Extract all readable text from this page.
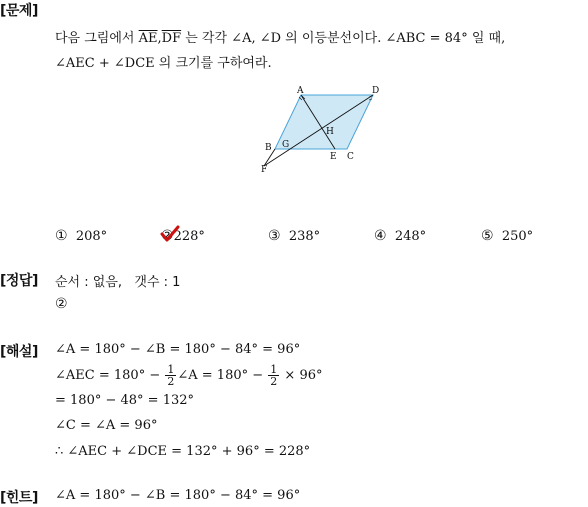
[문제]
다음 그림에서 $\overline{AE},\overline{DF}$ 는 각각 ∠A, ∠D 의 이등분선이다. ∠ABC = 84° 일 때,
∠AEC + ∠DCE 의 크기를 구하여라.
A	D
B G
H
F
E C
① 208°	②
228°	③ 238°	④ 248°	⑤ 250°
[정답] 순서 : 없음, 갯수 : 1
②
[해설] ∠A = 180° − ∠B = 180° − 84° = 96°
∠AEC = $180^\circ - \frac{1}{2}$ ∠A = $180^\circ - \frac{1}{2} \times 96^\circ$
= 180° − 48° = 132°
∠C = ∠A = 96°
∴ ∠AEC + ∠DCE = 132° + 96° = 228°
[힌트] ∠A = 180° − ∠B = 180° − 84° = 96°
